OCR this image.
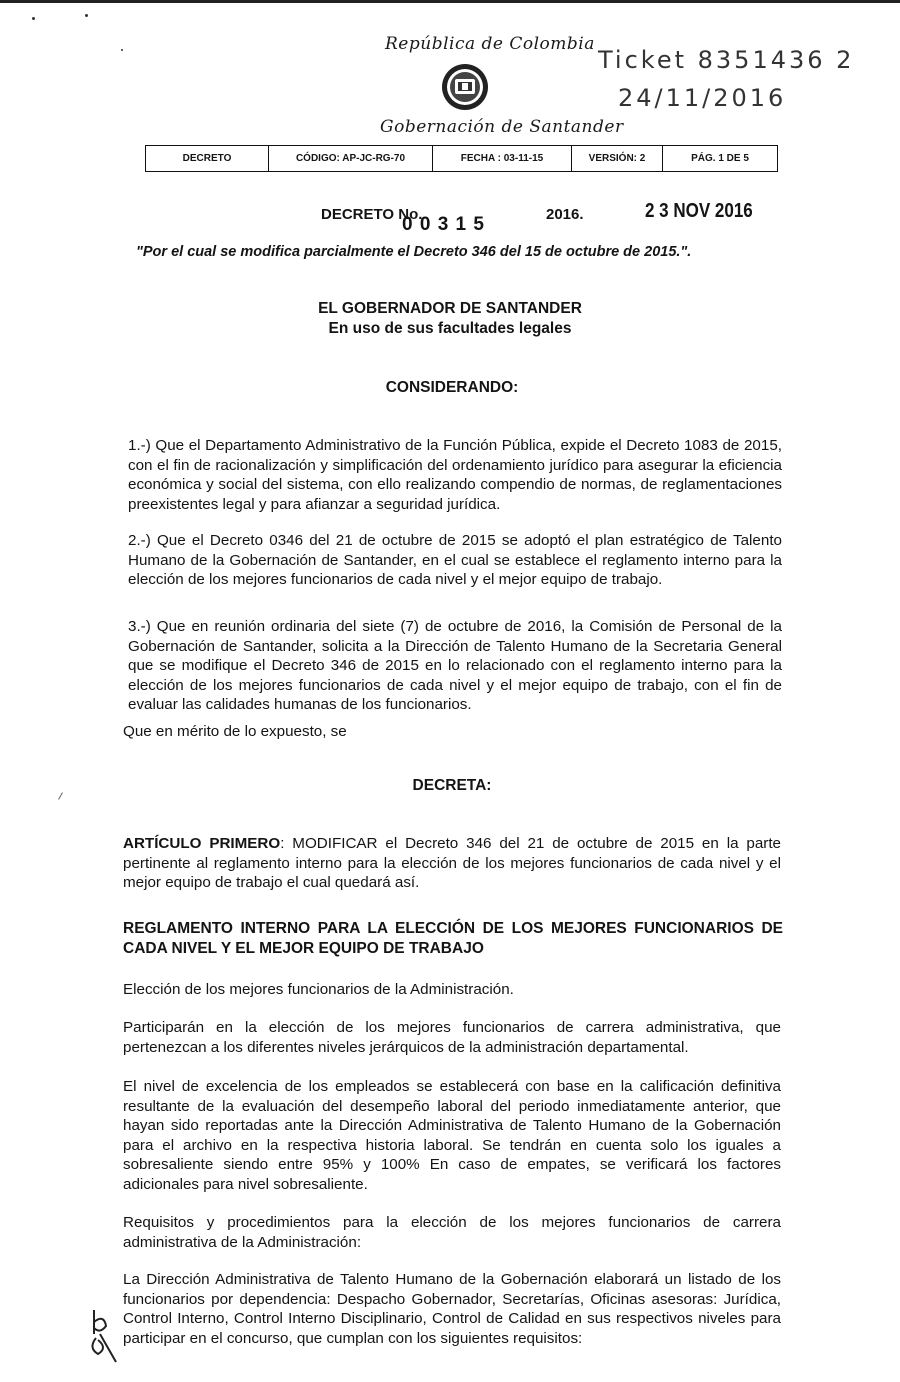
República de Colombia
Gobernación de Santander
Ticket 8351436 2
24/11/2016
DECRETO	CÓDIGO: AP-JC-RG-70	FECHA : 03-11-15	VERSIÓN: 2	PÁG. 1 DE 5
DECRETO No.
0 0 3 1 5	2016.	2 3 NOV 2016
"Por el cual se modifica parcialmente el Decreto 346 del 15 de octubre de 2015.".
EL GOBERNADOR DE SANTANDER
En uso de sus facultades legales
CONSIDERANDO:
1.-) Que el Departamento Administrativo de la Función Pública, expide el Decreto 1083 de 2015, con el fin de racionalización y simplificación del ordenamiento jurídico para asegurar la eficiencia económica y social del sistema, con ello realizando compendio de normas, de reglamentaciones preexistentes legal y para afianzar a seguridad jurídica.
2.-) Que el Decreto 0346 del 21 de octubre de 2015 se adoptó el plan estratégico de Talento Humano de la Gobernación de Santander, en el cual se establece el reglamento interno para la elección de los mejores funcionarios de cada nivel y el mejor equipo de trabajo.
3.-) Que en reunión ordinaria del siete (7) de octubre de 2016, la Comisión de Personal de la Gobernación de Santander, solicita a la Dirección de Talento Humano de la Secretaria General que se modifique el Decreto 346 de 2015 en lo relacionado con el reglamento interno para la elección de los mejores funcionarios de cada nivel y el mejor equipo de trabajo, con el fin de evaluar las calidades humanas de los funcionarios.
Que en mérito de lo expuesto, se
DECRETA:
ARTÍCULO PRIMERO: MODIFICAR el Decreto 346 del 21 de octubre de 2015 en la parte pertinente al reglamento interno para la elección de los mejores funcionarios de cada nivel y el mejor equipo de trabajo el cual quedará así.
REGLAMENTO INTERNO PARA LA ELECCIÓN DE LOS MEJORES FUNCIONARIOS DE CADA NIVEL Y EL MEJOR EQUIPO DE TRABAJO
Elección de los mejores funcionarios de la Administración.
Participarán en la elección de los mejores funcionarios de carrera administrativa, que pertenezcan a los diferentes niveles jerárquicos de la administración departamental.
El nivel de excelencia de los empleados se establecerá con base en la calificación definitiva resultante de la evaluación del desempeño laboral del periodo inmediatamente anterior, que hayan sido reportadas ante la Dirección Administrativa de Talento Humano de la Gobernación para el archivo en la respectiva historia laboral. Se tendrán en cuenta solo los iguales a sobresaliente siendo entre 95% y 100% En caso de empates, se verificará los factores adicionales para nivel sobresaliente.
Requisitos y procedimientos para la elección de los mejores funcionarios de carrera administrativa de la Administración:
La Dirección Administrativa de Talento Humano de la Gobernación elaborará un listado de los funcionarios por dependencia: Despacho Gobernador, Secretarías, Oficinas asesoras: Jurídica, Control Interno, Control Interno Disciplinario, Control de Calidad en sus respectivos niveles para participar en el concurso, que cumplan con los siguientes requisitos:
